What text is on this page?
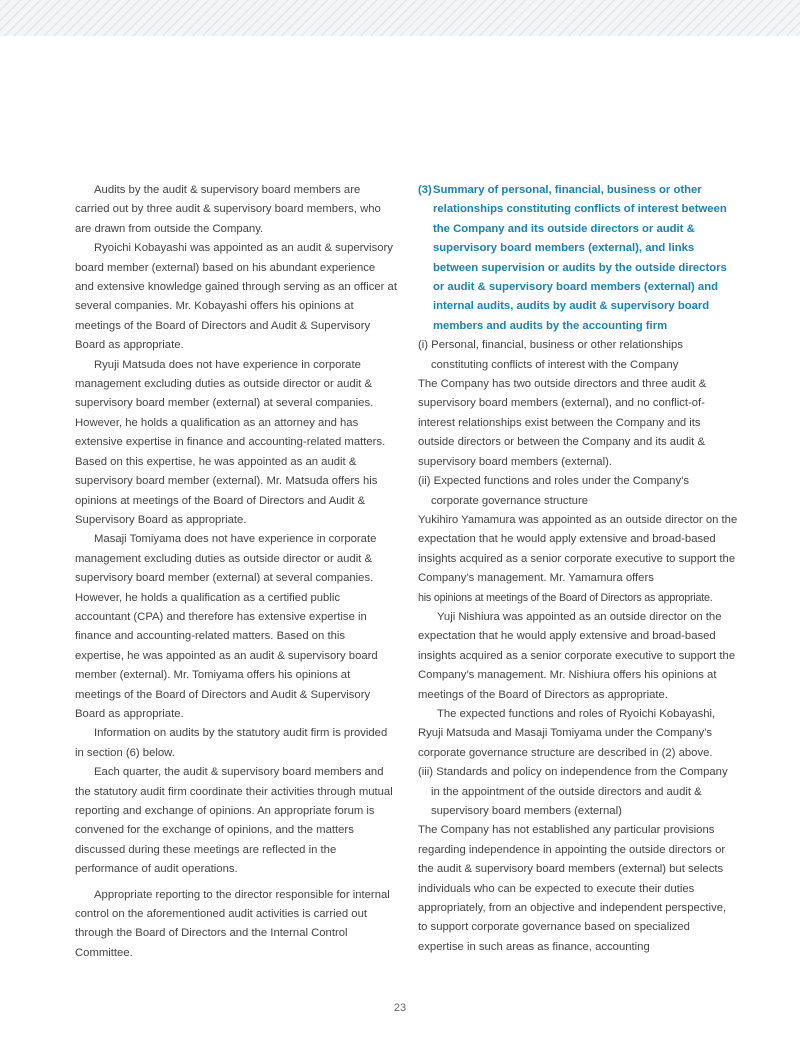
Audits by the audit & supervisory board members are carried out by three audit & supervisory board members, who are drawn from outside the Company.

Ryoichi Kobayashi was appointed as an audit & supervisory board member (external) based on his abundant experience and extensive knowledge gained through serving as an officer at several companies. Mr. Kobayashi offers his opinions at meetings of the Board of Directors and Audit & Supervisory Board as appropriate.

Ryuji Matsuda does not have experience in corporate management excluding duties as outside director or audit & supervisory board member (external) at several companies. However, he holds a qualification as an attorney and has extensive expertise in finance and accounting-related matters. Based on this expertise, he was appointed as an audit & supervisory board member (external). Mr. Matsuda offers his opinions at meetings of the Board of Directors and Audit & Supervisory Board as appropriate.

Masaji Tomiyama does not have experience in corporate management excluding duties as outside director or audit & supervisory board member (external) at several companies. However, he holds a qualification as a certified public accountant (CPA) and therefore has extensive expertise in finance and accounting-related matters. Based on this expertise, he was appointed as an audit & supervisory board member (external). Mr. Tomiyama offers his opinions at meetings of the Board of Directors and Audit & Supervisory Board as appropriate.

Information on audits by the statutory audit firm is provided in section (6) below.

Each quarter, the audit & supervisory board members and the statutory audit firm coordinate their activities through mutual reporting and exchange of opinions. An appropriate forum is convened for the exchange of opinions, and the matters discussed during these meetings are reflected in the performance of audit operations.

Appropriate reporting to the director responsible for internal control on the aforementioned audit activities is carried out through the Board of Directors and the Internal Control Committee.

(3) Summary of personal, financial, business or other relationships constituting conflicts of interest between the Company and its outside directors or audit & supervisory board members (external), and links between supervision or audits by the outside directors or audit & supervisory board members (external) and internal audits, audits by audit & supervisory board members and audits by the accounting firm

(i) Personal, financial, business or other relationships constituting conflicts of interest with the Company

The Company has two outside directors and three audit & supervisory board members (external), and no conflict-of-interest relationships exist between the Company and its outside directors or between the Company and its audit & supervisory board members (external).

(ii) Expected functions and roles under the Company’s corporate governance structure

Yukihiro Yamamura was appointed as an outside director on the expectation that he would apply extensive and broad-based insights acquired as a senior corporate executive to support the Company’s management. Mr. Yamamura offers

his opinions at meetings of the Board of Directors as appropriate.

Yuji Nishiura was appointed as an outside director on the expectation that he would apply extensive and broad-based insights acquired as a senior corporate executive to support the Company’s management. Mr. Nishiura offers his opinions at meetings of the Board of Directors as appropriate.

The expected functions and roles of Ryoichi Kobayashi, Ryuji Matsuda and Masaji Tomiyama under the Company’s corporate governance structure are described in (2) above.

(iii) Standards and policy on independence from the Company in the appointment of the outside directors and audit & supervisory board members (external)

The Company has not established any particular provisions regarding independence in appointing the outside directors or the audit & supervisory board members (external) but selects individuals who can be expected to execute their duties appropriately, from an objective and independent perspective, to support corporate governance based on specialized expertise in such areas as finance, accounting

23
